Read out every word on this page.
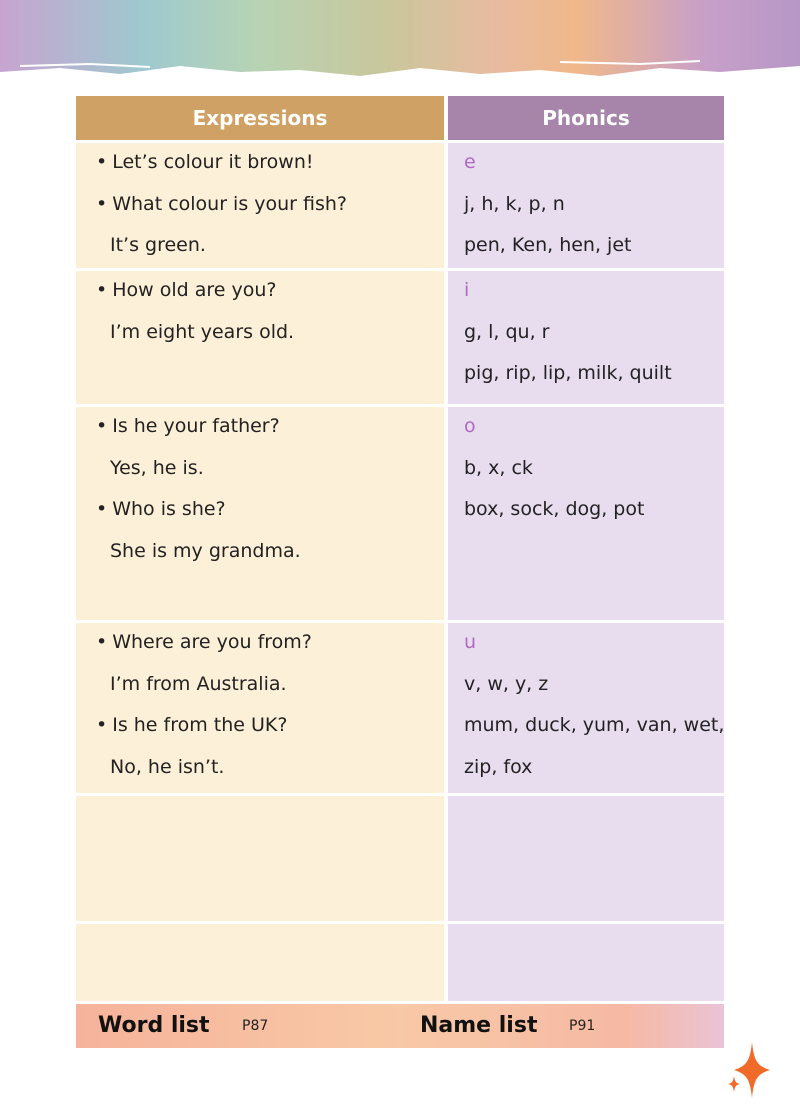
Expressions	Phonics
• Let’s colour it brown!
• What colour is your fish?
It’s green.
e
j, h, k, p, n
pen, Ken, hen, jet
• How old are you?
I’m eight years old.
i
g, l, qu, r
pig, rip, lip, milk, quilt
• Is he your father?
Yes, he is.
• Who is she?
She is my grandma.
o
b, x, ck
box, sock, dog, pot
• Where are you from?
I’m from Australia.
• Is he from the UK?
No, he isn’t.
u
v, w, y, z
mum, duck, yum, van, wet,
zip, fox
Word list P87	Name list P91
